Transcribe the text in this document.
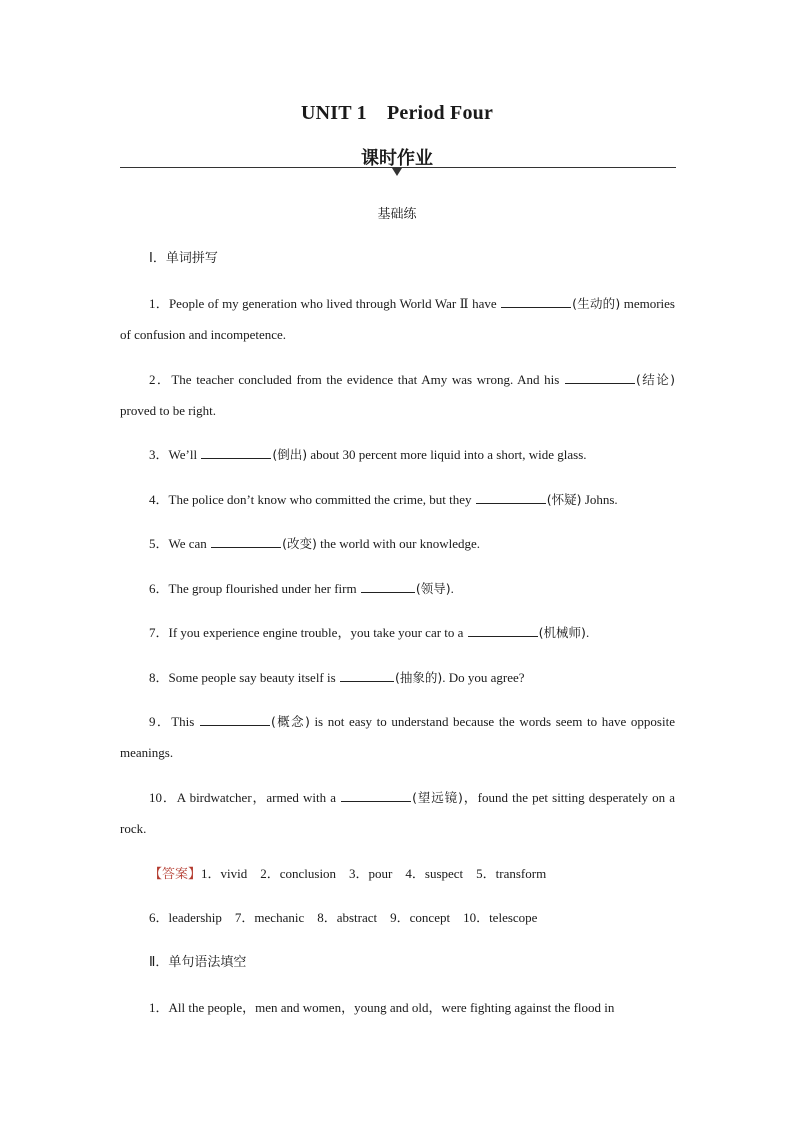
UNIT 1　Period Four
课时作业
基础练
Ⅰ．单词拼写
1．People of my generation who lived through World War Ⅱ have	(生动的) memories of confusion and incompetence.
2．The teacher concluded from the evidence that Amy was wrong. And his	(结论) proved to be right.
3．We’ll	(倒出) about 30 percent more liquid into a short, wide glass.
4．The police don’t know who committed the crime, but they	(怀疑) Johns.
5．We can	(改变) the world with our knowledge.
6．The group flourished under her firm	(领导).
7．If you experience engine trouble，you take your car to a	(机械师).
8．Some people say beauty itself is	(抽象的). Do you agree?
9．This	(概念) is not easy to understand because the words seem to have opposite meanings.
10．A birdwatcher，armed with a	(望远镜)，found the pet sitting desperately on a rock.
【答案】1．vivid　2．conclusion　3．pour　4．suspect　5．transform
6．leadership　7．mechanic　8．abstract　9．concept　10．telescope
Ⅱ．单句语法填空
1．All the people，men and women，young and old，were fighting against the flood in
